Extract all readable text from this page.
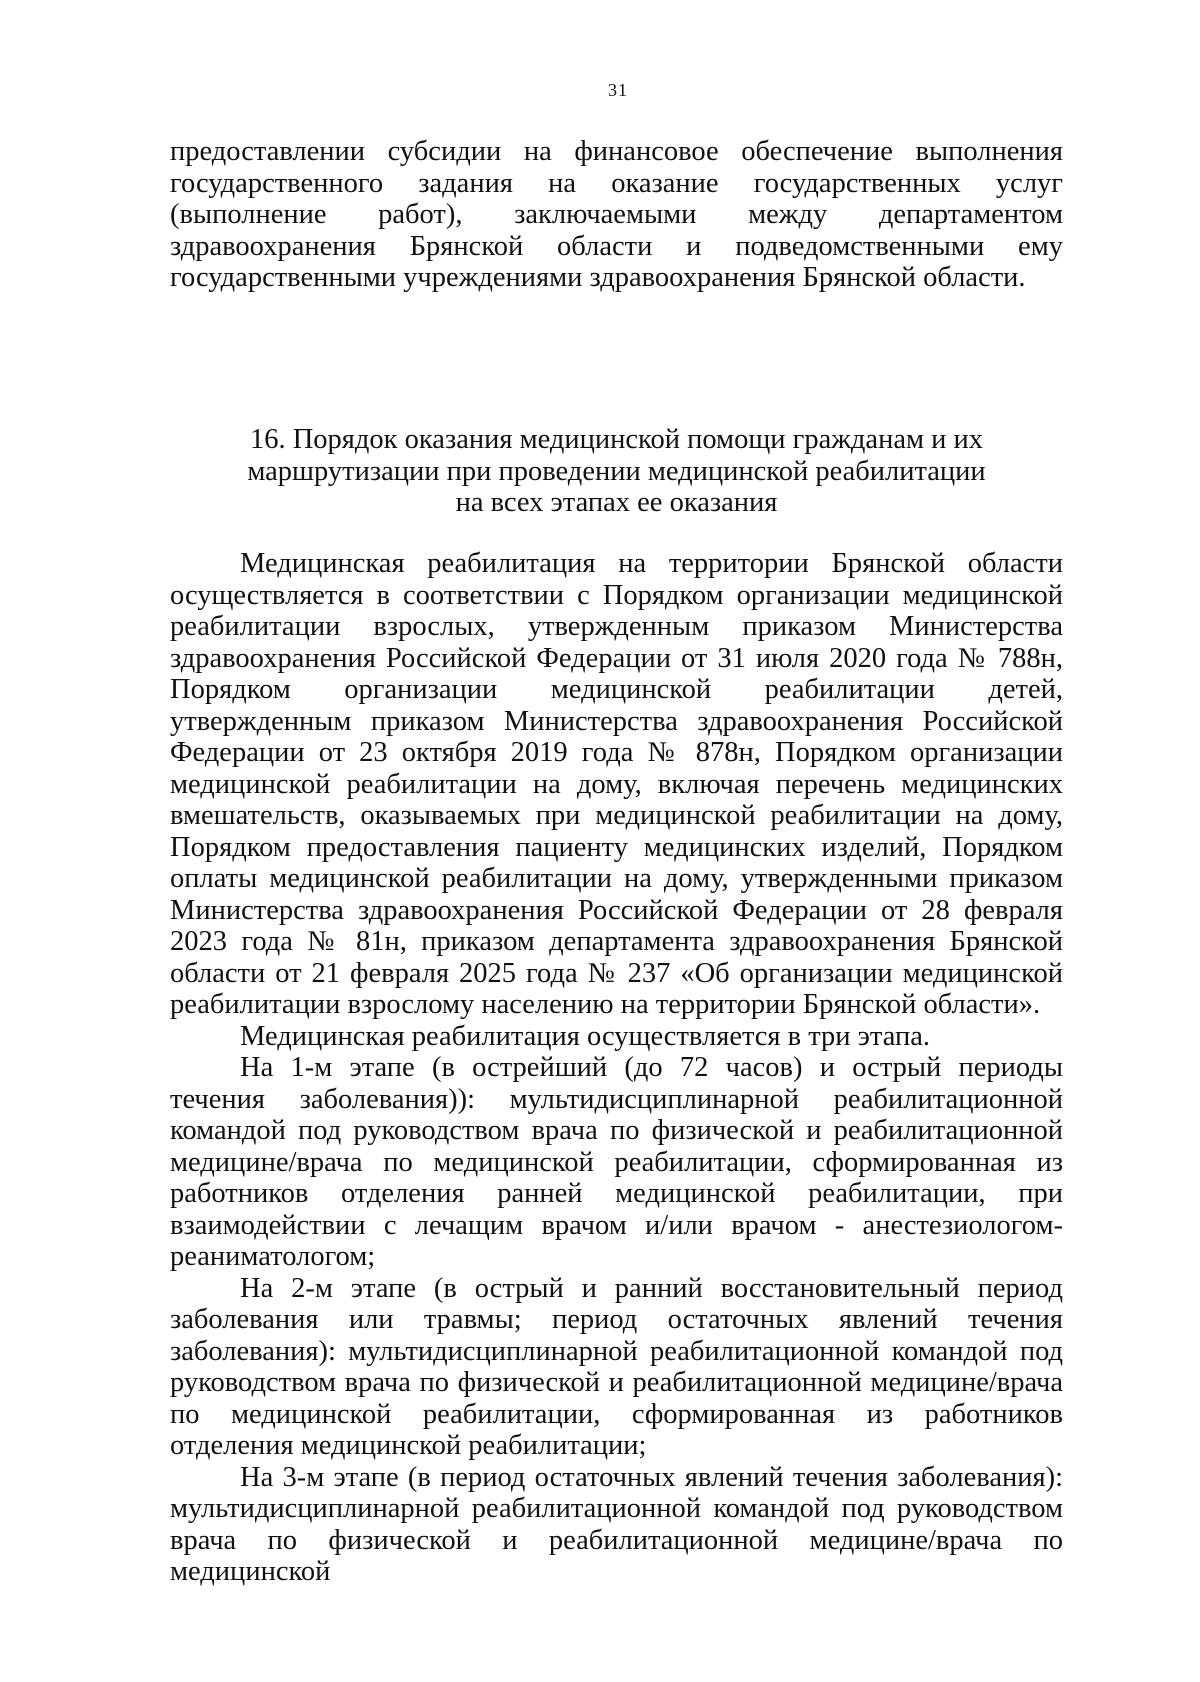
31

предоставлении субсидии на финансовое обеспечение выполнения государственного задания на оказание государственных услуг (выполнение работ), заключаемыми между департаментом здравоохранения Брянской области и подведомственными ему государственными учреждениями здравоохранения Брянской области.

16. Порядок оказания медицинской помощи гражданам и их
маршрутизации при проведении медицинской реабилитации
на всех этапах ее оказания

Медицинская реабилитация на территории Брянской области осуществляется в соответствии с Порядком организации медицинской реабилитации взрослых, утвержденным приказом Министерства здравоохранения Российской Федерации от 31 июля 2020 года № 788н, Порядком организации медицинской реабилитации детей, утвержденным приказом Министерства здравоохранения Российской Федерации от 23 октября 2019 года № 878н, Порядком организации медицинской реабилитации на дому, включая перечень медицинских вмешательств, оказываемых при медицинской реабилитации на дому, Порядком предоставления пациенту медицинских изделий, Порядком оплаты медицинской реабилитации на дому, утвержденными приказом Министерства здравоохранения Российской Федерации от 28 февраля 2023 года № 81н, приказом департамента здравоохранения Брянской области от 21 февраля 2025 года № 237 «Об организации медицинской реабилитации взрослому населению на территории Брянской области».

Медицинская реабилитация осуществляется в три этапа.

На 1-м этапе (в острейший (до 72 часов) и острый периоды течения заболевания)): мультидисциплинарной реабилитационной командой под руководством врача по физической и реабилитационной медицине/врача по медицинской реабилитации, сформированная из работников отделения ранней медицинской реабилитации, при взаимодействии с лечащим врачом и/или врачом - анестезиологом-реаниматологом;

На 2-м этапе (в острый и ранний восстановительный период заболевания или травмы; период остаточных явлений течения заболевания): мультидисциплинарной реабилитационной командой под руководством врача по физической и реабилитационной медицине/врача по медицинской реабилитации, сформированная из работников отделения медицинской реабилитации;

На 3-м этапе (в период остаточных явлений течения заболевания): мультидисциплинарной реабилитационной командой под руководством врача по физической и реабилитационной медицине/врача по медицинской
